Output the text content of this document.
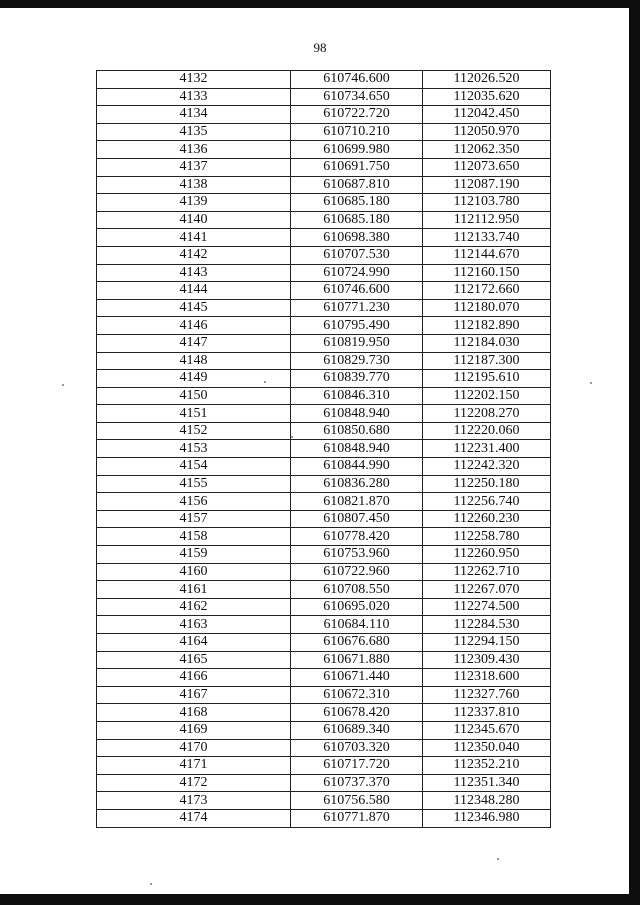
98
4132	610746.600	112026.520
4133	610734.650	112035.620
4134	610722.720	112042.450
4135	610710.210	112050.970
4136	610699.980	112062.350
4137	610691.750	112073.650
4138	610687.810	112087.190
4139	610685.180	112103.780
4140	610685.180	112112.950
4141	610698.380	112133.740
4142	610707.530	112144.670
4143	610724.990	112160.150
4144	610746.600	112172.660
4145	610771.230	112180.070
4146	610795.490	112182.890
4147	610819.950	112184.030
4148	610829.730	112187.300
4149	610839.770	112195.610
4150	610846.310	112202.150
4151	610848.940	112208.270
4152	610850.680	112220.060
4153	610848.940	112231.400
4154	610844.990	112242.320
4155	610836.280	112250.180
4156	610821.870	112256.740
4157	610807.450	112260.230
4158	610778.420	112258.780
4159	610753.960	112260.950
4160	610722.960	112262.710
4161	610708.550	112267.070
4162	610695.020	112274.500
4163	610684.110	112284.530
4164	610676.680	112294.150
4165	610671.880	112309.430
4166	610671.440	112318.600
4167	610672.310	112327.760
4168	610678.420	112337.810
4169	610689.340	112345.670
4170	610703.320	112350.040
4171	610717.720	112352.210
4172	610737.370	112351.340
4173	610756.580	112348.280
4174	610771.870	112346.980
